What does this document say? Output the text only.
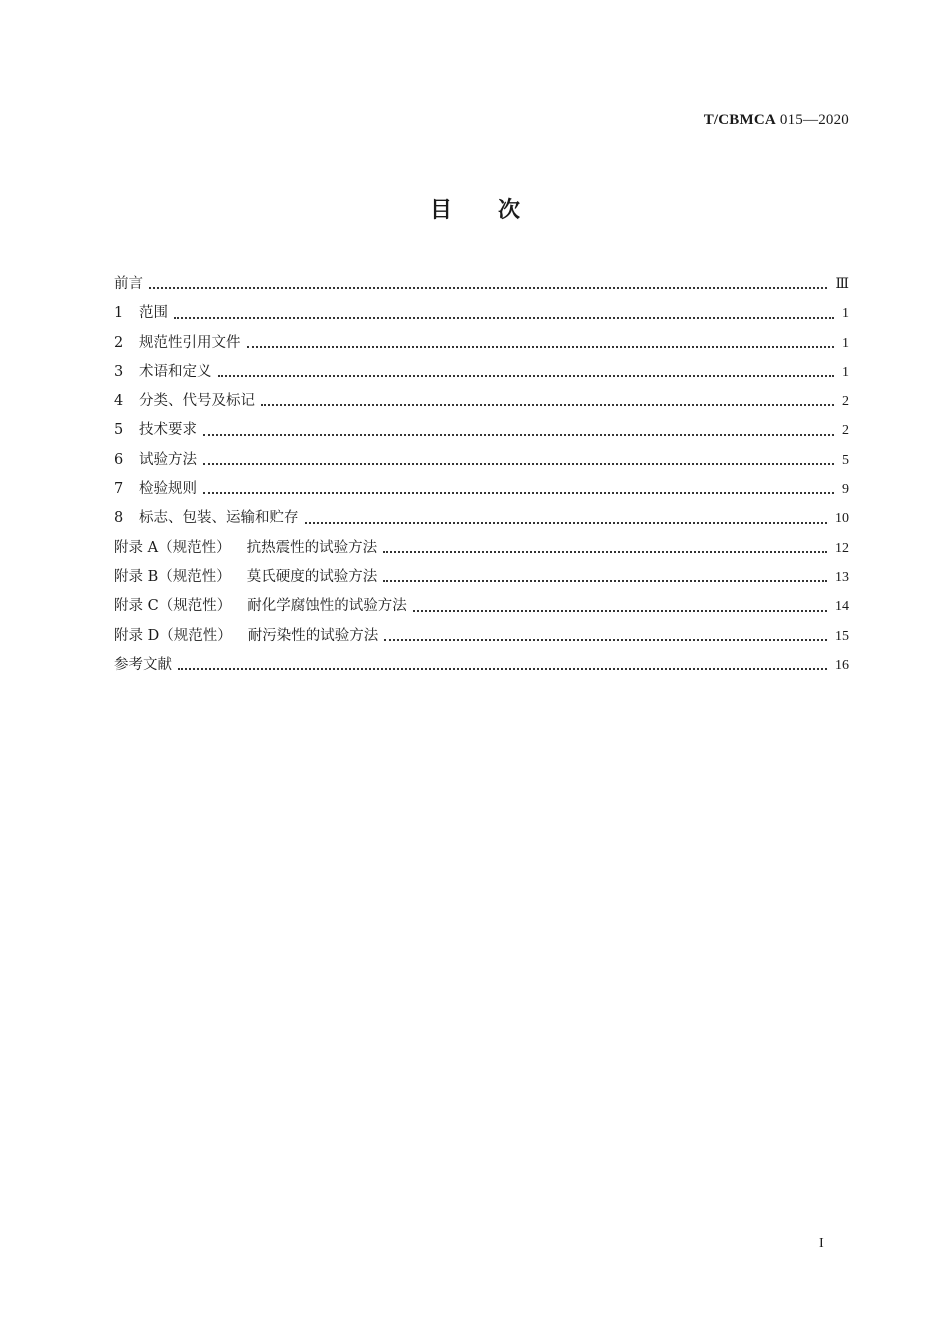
T/CBMCA 015—2020
目次
前言	Ⅲ
1	范围	1
2	规范性引用文件	1
3	术语和定义	1
4	分类、代号及标记	2
5	技术要求	2
6	试验方法	5
7	检验规则	9
8	标志、包装、运输和贮存	10
附录 A（规范性） 抗热震性的试验方法	12
附录 B（规范性） 莫氏硬度的试验方法	13
附录 C（规范性） 耐化学腐蚀性的试验方法	14
附录 D（规范性） 耐污染性的试验方法	15
参考文献	16
I
